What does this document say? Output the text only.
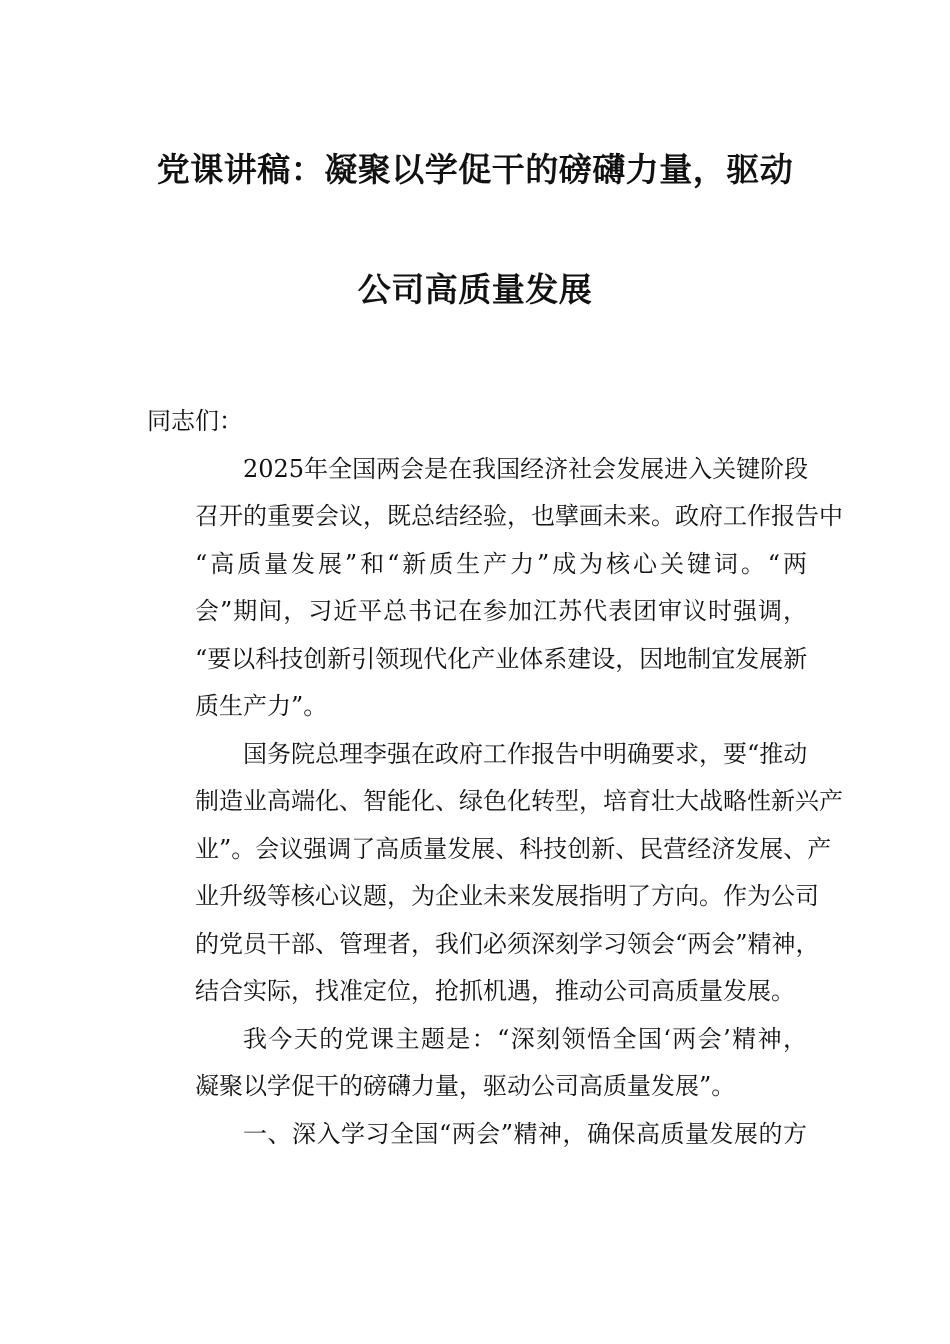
党课讲稿：凝聚以学促干的磅礴力量，驱动
公司高质量发展
同志们：
2025年全国两会是在我国经济社会发展进入关键阶段
召开的重要会议，既总结经验，也擘画未来。政府工作报告中
“高质量发展”和“新质生产力”成为核心关键词。“两
会”期间，习近平总书记在参加江苏代表团审议时强调，
“要以科技创新引领现代化产业体系建设，因地制宜发展新
质生产力”。
国务院总理李强在政府工作报告中明确要求，要“推动
制造业高端化、智能化、绿色化转型，培育壮大战略性新兴产
业”。会议强调了高质量发展、科技创新、民营经济发展、产
业升级等核心议题，为企业未来发展指明了方向。作为公司
的党员干部、管理者，我们必须深刻学习领会“两会”精神，
结合实际，找准定位，抢抓机遇，推动公司高质量发展。
我今天的党课主题是：“深刻领悟全国‘两会’精神，
凝聚以学促干的磅礴力量，驱动公司高质量发展”。
一、深入学习全国“两会”精神，确保高质量发展的方
